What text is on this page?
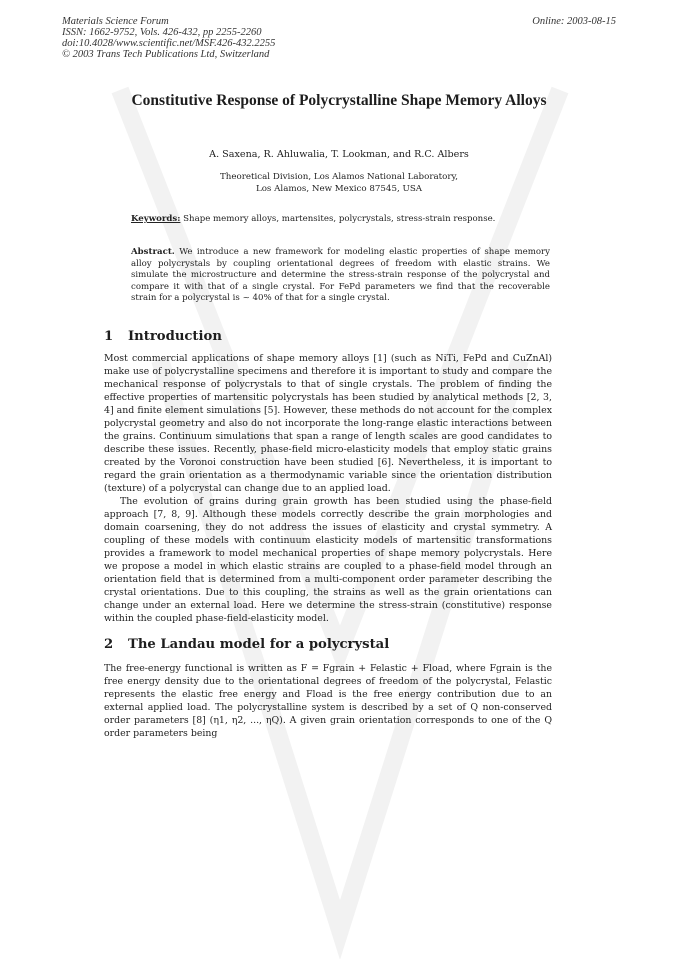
Materials Science Forum
ISSN: 1662-9752, Vols. 426-432, pp 2255-2260
doi:10.4028/www.scientific.net/MSF.426-432.2255
© 2003 Trans Tech Publications Ltd, Switzerland
Online: 2003-08-15
Constitutive Response of Polycrystalline Shape Memory Alloys
A. Saxena, R. Ahluwalia, T. Lookman, and R.C. Albers
Theoretical Division, Los Alamos National Laboratory,
Los Alamos, New Mexico 87545, USA
Keywords: Shape memory alloys, martensites, polycrystals, stress-strain response.
Abstract. We introduce a new framework for modeling elastic properties of shape memory alloy polycrystals by coupling orientational degrees of freedom with elastic strains. We simulate the microstructure and determine the stress-strain response of the polycrystal and compare it with that of a single crystal. For FePd parameters we find that the recoverable strain for a polycrystal is ~ 40% of that for a single crystal.
1 Introduction

Most commercial applications of shape memory alloys [1] (such as NiTi, FePd and CuZnAl) make use of polycrystalline specimens and therefore it is important to study and compare the mechanical response of polycrystals to that of single crystals. The problem of finding the effective properties of martensitic polycrystals has been studied by analytical methods [2, 3, 4] and finite element simulations [5]. However, these methods do not account for the complex polycrystal geometry and also do not incorporate the long-range elastic interactions between the grains. Continuum simulations that span a range of length scales are good candidates to describe these issues. Recently, phase-field micro-elasticity models that employ static grains created by the Voronoi construction have been studied [6]. Nevertheless, it is important to regard the grain orientation as a thermodynamic variable since the orientation distribution (texture) of a polycrystal can change due to an applied load.

The evolution of grains during grain growth has been studied using the phase-field approach [7, 8, 9]. Although these models correctly describe the grain morphologies and domain coarsening, they do not address the issues of elasticity and crystal symmetry. A coupling of these models with continuum elasticity models of martensitic transformations provides a framework to model mechanical properties of shape memory polycrystals. Here we propose a model in which elastic strains are coupled to a phase-field model through an orientation field that is determined from a multi-component order parameter describing the crystal orientations. Due to this coupling, the strains as well as the grain orientations can change under an external load. Here we determine the stress-strain (constitutive) response within the coupled phase-field-elasticity model.

2 The Landau model for a polycrystal

The free-energy functional is written as F = Fgrain + Felastic + Fload, where Fgrain is the free energy density due to the orientational degrees of freedom of the polycrystal, Felastic represents the elastic free energy and Fload is the free energy contribution due to an external applied load. The polycrystalline system is described by a set of Q non-conserved order parameters [8] (η1, η2, ..., ηQ). A given grain orientation corresponds to one of the Q order parameters being
